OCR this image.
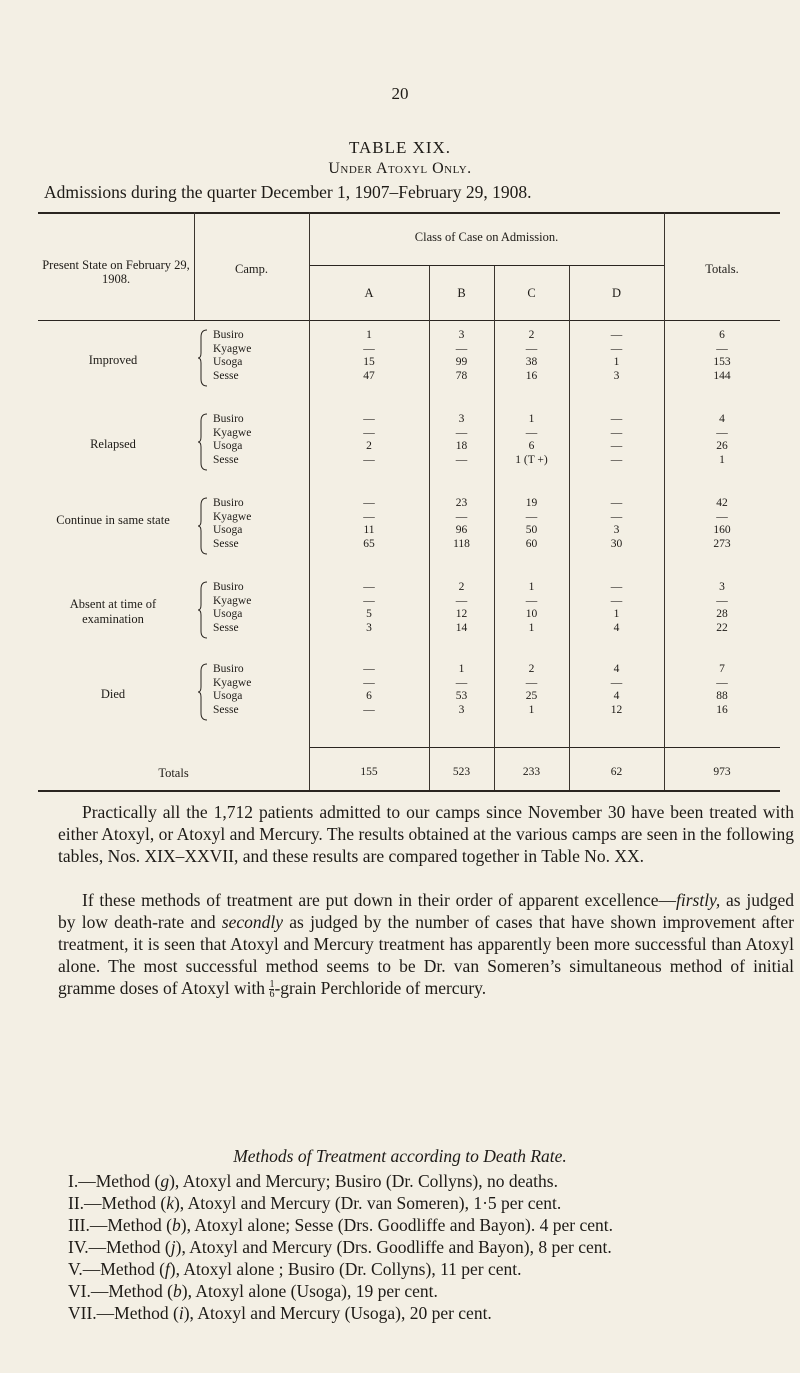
20
TABLE XIX.
Under Atoxyl Only.
Admissions during the quarter December 1, 1907–February 29, 1908.
Present State on February 29, 1908.
Camp.
Class of Case on Admission.
A	B	C	D
Totals.
Improved
Busiro	1	3	2	—	6
Kyagwe	—	—	—	—	—
Usoga	15	99	38	1	153
Sesse	47	78	16	3	144
Relapsed
Busiro	—	3	1	—	4
Kyagwe	—	—	—	—	—
Usoga	2	18	6	—	26
Sesse	—	—	1 (T +)	—	1
Continue in same state
Busiro	—	23	19	—	42
Kyagwe	—	—	—	—	—
Usoga	11	96	50	3	160
Sesse	65	118	60	30	273
Absent at time of examination
Busiro	—	2	1	—	3
Kyagwe	—	—	—	—	—
Usoga	5	12	10	1	28
Sesse	3	14	1	4	22
Died
Busiro	—	1	2	4	7
Kyagwe	—	—	—	—	—
Usoga	6	53	25	4	88
Sesse	—	3	1	12	16
Totals	155	523	233	62	973
Practically all the 1,712 patients admitted to our camps since November 30 have been treated with either Atoxyl, or Atoxyl and Mercury. The results obtained at the various camps are seen in the following tables, Nos. XIX–XXVII, and these results are compared together in Table No. XX.
If these methods of treatment are put down in their order of apparent excellence—firstly, as judged by low death-rate and secondly as judged by the number of cases that have shown improvement after treatment, it is seen that Atoxyl and Mercury treatment has apparently been more successful than Atoxyl alone. The most successful method seems to be Dr. van Someren’s simultaneous method of initial gramme doses of Atoxyl with $\frac{1}{6}$ -grain Perchloride of mercury.
Methods of Treatment according to Death Rate.
I.—Method (g), Atoxyl and Mercury; Busiro (Dr. Collyns), no deaths.
II.—Method (k), Atoxyl and Mercury (Dr. van Someren), 1·5 per cent.
III.—Method (b), Atoxyl alone; Sesse (Drs. Goodliffe and Bayon). 4 per cent.
IV.—Method (j), Atoxyl and Mercury (Drs. Goodliffe and Bayon), 8 per cent.
V.—Method (f), Atoxyl alone ; Busiro (Dr. Collyns), 11 per cent.
VI.—Method (b), Atoxyl alone (Usoga), 19 per cent.
VII.—Method (i), Atoxyl and Mercury (Usoga), 20 per cent.
